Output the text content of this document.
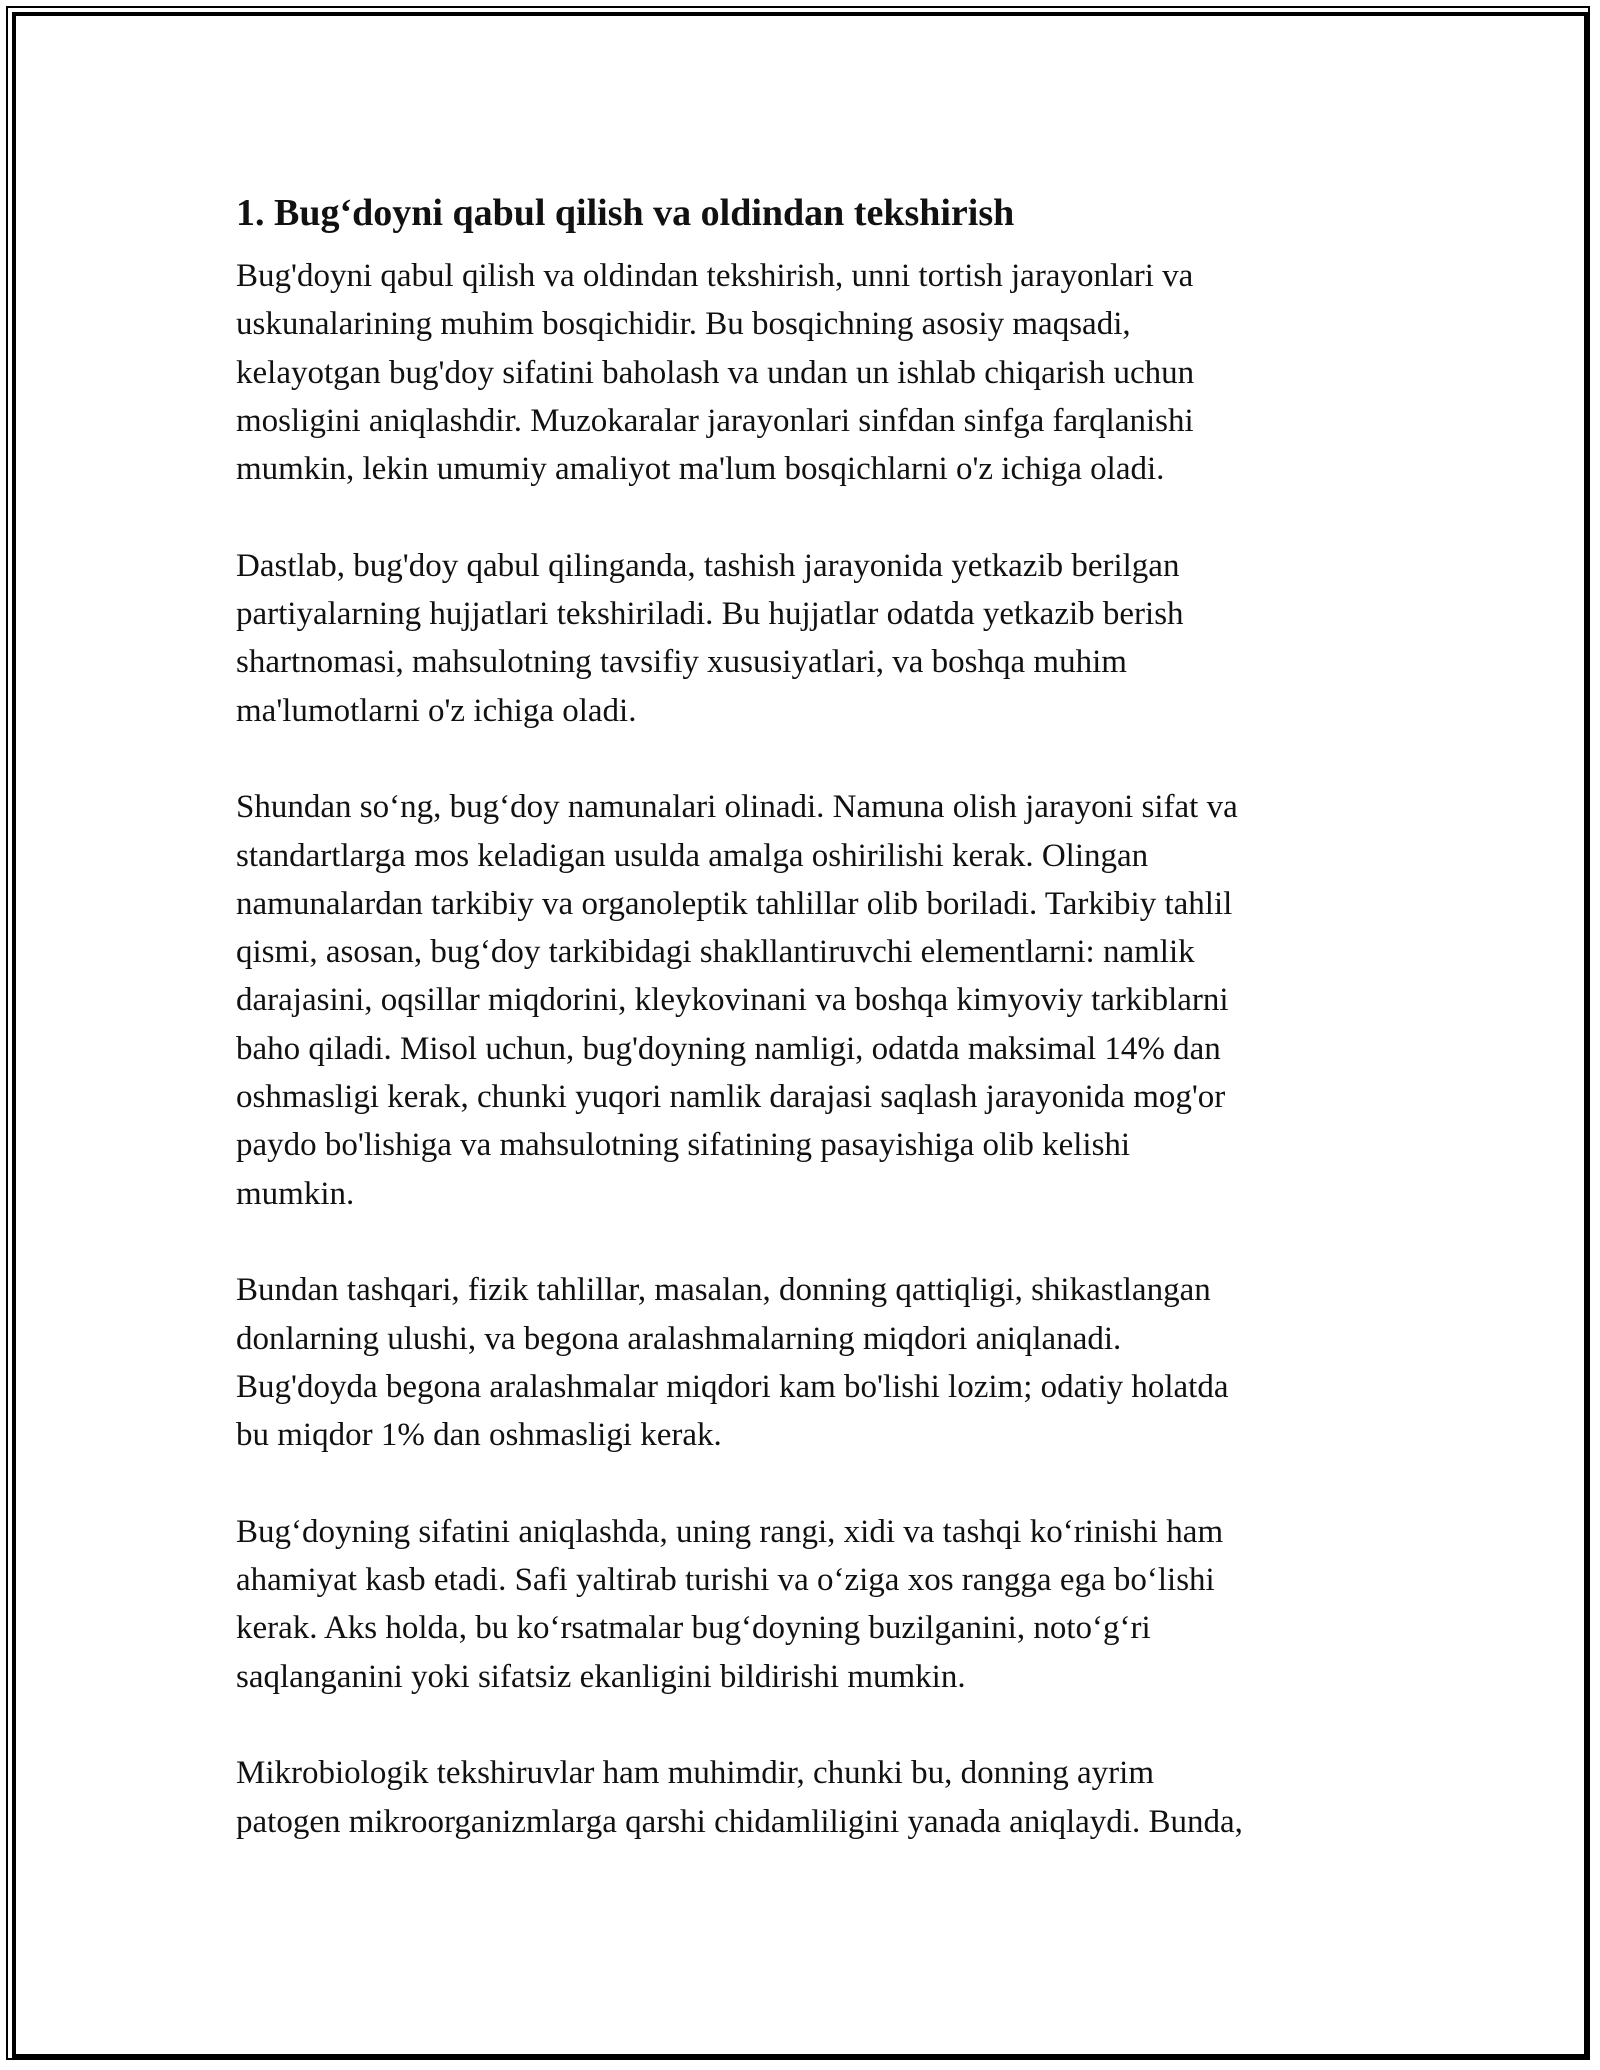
1. Bug‘doyni qabul qilish va oldindan tekshirish

Bug'doyni qabul qilish va oldindan tekshirish, unni tortish jarayonlari va
uskunalarining muhim bosqichidir. Bu bosqichning asosiy maqsadi,
kelayotgan bug'doy sifatini baholash va undan un ishlab chiqarish uchun
mosligini aniqlashdir. Muzokaralar jarayonlari sinfdan sinfga farqlanishi
mumkin, lekin umumiy amaliyot ma'lum bosqichlarni o'z ichiga oladi.

Dastlab, bug'doy qabul qilinganda, tashish jarayonida yetkazib berilgan
partiyalarning hujjatlari tekshiriladi. Bu hujjatlar odatda yetkazib berish
shartnomasi, mahsulotning tavsifiy xususiyatlari, va boshqa muhim
ma'lumotlarni o'z ichiga oladi.

Shundan so‘ng, bug‘doy namunalari olinadi. Namuna olish jarayoni sifat va
standartlarga mos keladigan usulda amalga oshirilishi kerak. Olingan
namunalardan tarkibiy va organoleptik tahlillar olib boriladi. Tarkibiy tahlil
qismi, asosan, bug‘doy tarkibidagi shakllantiruvchi elementlarni: namlik
darajasini, oqsillar miqdorini, kleykovinani va boshqa kimyoviy tarkiblarni
baho qiladi. Misol uchun, bug'doyning namligi, odatda maksimal 14% dan
oshmasligi kerak, chunki yuqori namlik darajasi saqlash jarayonida mog'or
paydo bo'lishiga va mahsulotning sifatining pasayishiga olib kelishi
mumkin.

Bundan tashqari, fizik tahlillar, masalan, donning qattiqligi, shikastlangan
donlarning ulushi, va begona aralashmalarning miqdori aniqlanadi.
Bug'doyda begona aralashmalar miqdori kam bo'lishi lozim; odatiy holatda
bu miqdor 1% dan oshmasligi kerak.

Bug‘doyning sifatini aniqlashda, uning rangi, xidi va tashqi ko‘rinishi ham
ahamiyat kasb etadi. Safi yaltirab turishi va o‘ziga xos rangga ega bo‘lishi
kerak. Aks holda, bu ko‘rsatmalar bug‘doyning buzilganini, noto‘g‘ri
saqlanganini yoki sifatsiz ekanligini bildirishi mumkin.

Mikrobiologik tekshiruvlar ham muhimdir, chunki bu, donning ayrim
patogen mikroorganizmlarga qarshi chidamliligini yanada aniqlaydi. Bunda,
